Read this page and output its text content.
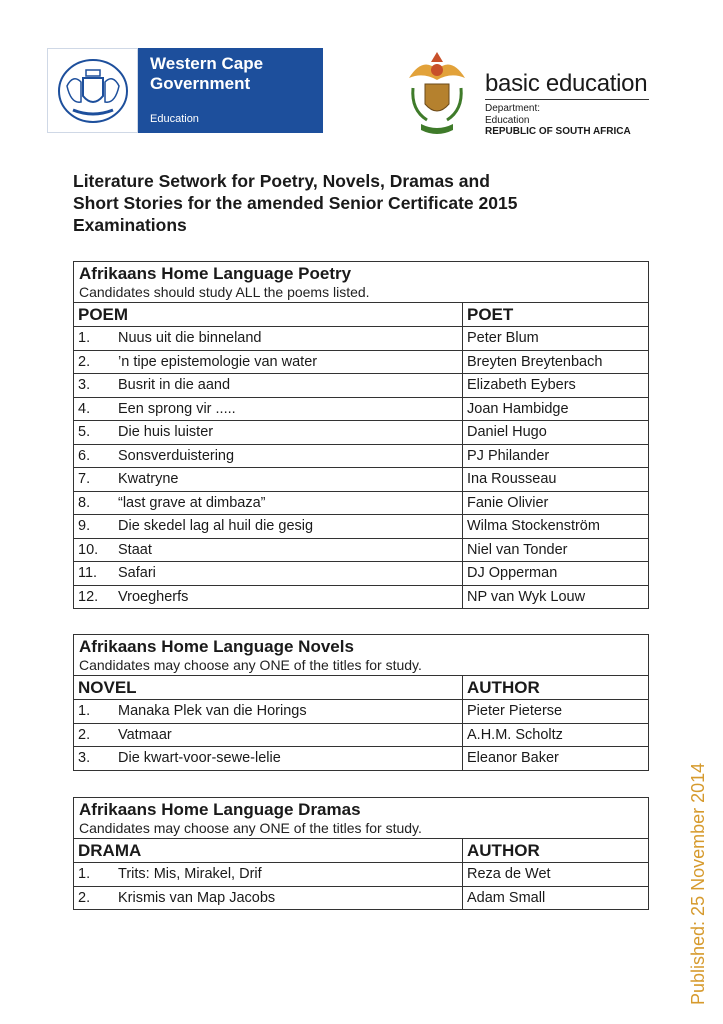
Western Cape
Government
Education
basic education
Department:
Education
REPUBLIC OF SOUTH AFRICA
Literature Setwork for Poetry, Novels, Dramas and
Short Stories for the amended Senior Certificate 2015
Examinations
Afrikaans Home Language Poetry
Candidates should study ALL the poems listed.
POEM		POET
1.	Nuus uit die binneland	Peter Blum
2.	’n tipe epistemologie van water	Breyten Breytenbach
3.	Busrit in die aand	Elizabeth Eybers
4.	Een sprong vir .....	Joan Hambidge
5.	Die huis luister	Daniel Hugo
6.	Sonsverduistering	PJ Philander
7.	Kwatryne	Ina Rousseau
8.	“last grave at dimbaza”	Fanie Olivier
9.	Die skedel lag al huil die gesig	Wilma Stockenström
10.	Staat	Niel van Tonder
11.	Safari	DJ Opperman
12.	Vroegherfs	NP van Wyk Louw
Afrikaans Home Language Novels
Candidates may choose any ONE of the titles for study.
NOVEL		AUTHOR
1.	Manaka Plek van die Horings	Pieter Pieterse
2.	Vatmaar	A.H.M. Scholtz
3.	Die kwart-voor-sewe-lelie	Eleanor Baker
Afrikaans Home Language Dramas
Candidates may choose any ONE of the titles for study.
DRAMA		AUTHOR
1.	Trits: Mis, Mirakel, Drif	Reza de Wet
2.	Krismis van Map Jacobs	Adam Small	Published: 25 November 2014
